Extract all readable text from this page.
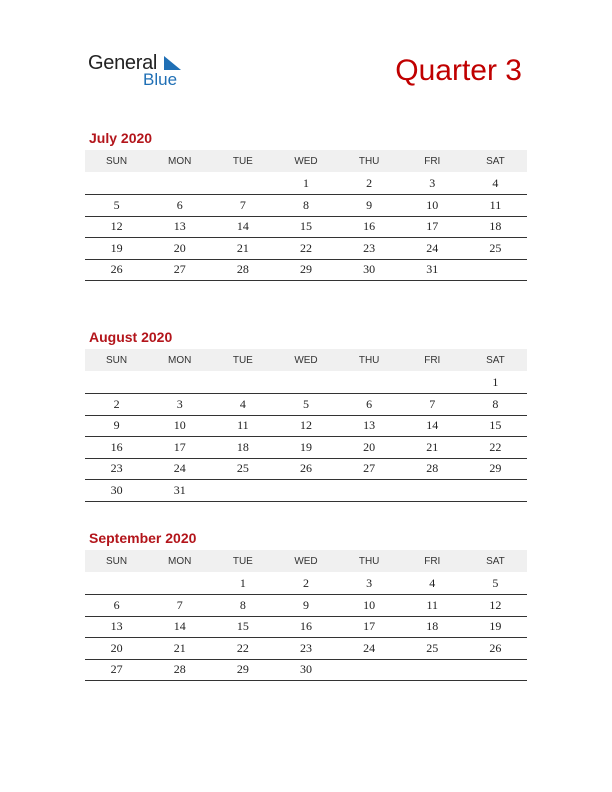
General
Blue	Quarter 3
July 2020
SUN	MON	TUE	WED	THU	FRI	SAT
			1	2	3	4
5	6	7	8	9	10	11
12	13	14	15	16	17	18
19	20	21	22	23	24	25
26	27	28	29	30	31	
August 2020
SUN	MON	TUE	WED	THU	FRI	SAT
						1
2	3	4	5	6	7	8
9	10	11	12	13	14	15
16	17	18	19	20	21	22
23	24	25	26	27	28	29
30	31					
September 2020
SUN	MON	TUE	WED	THU	FRI	SAT
		1	2	3	4	5
6	7	8	9	10	11	12
13	14	15	16	17	18	19
20	21	22	23	24	25	26
27	28	29	30			
